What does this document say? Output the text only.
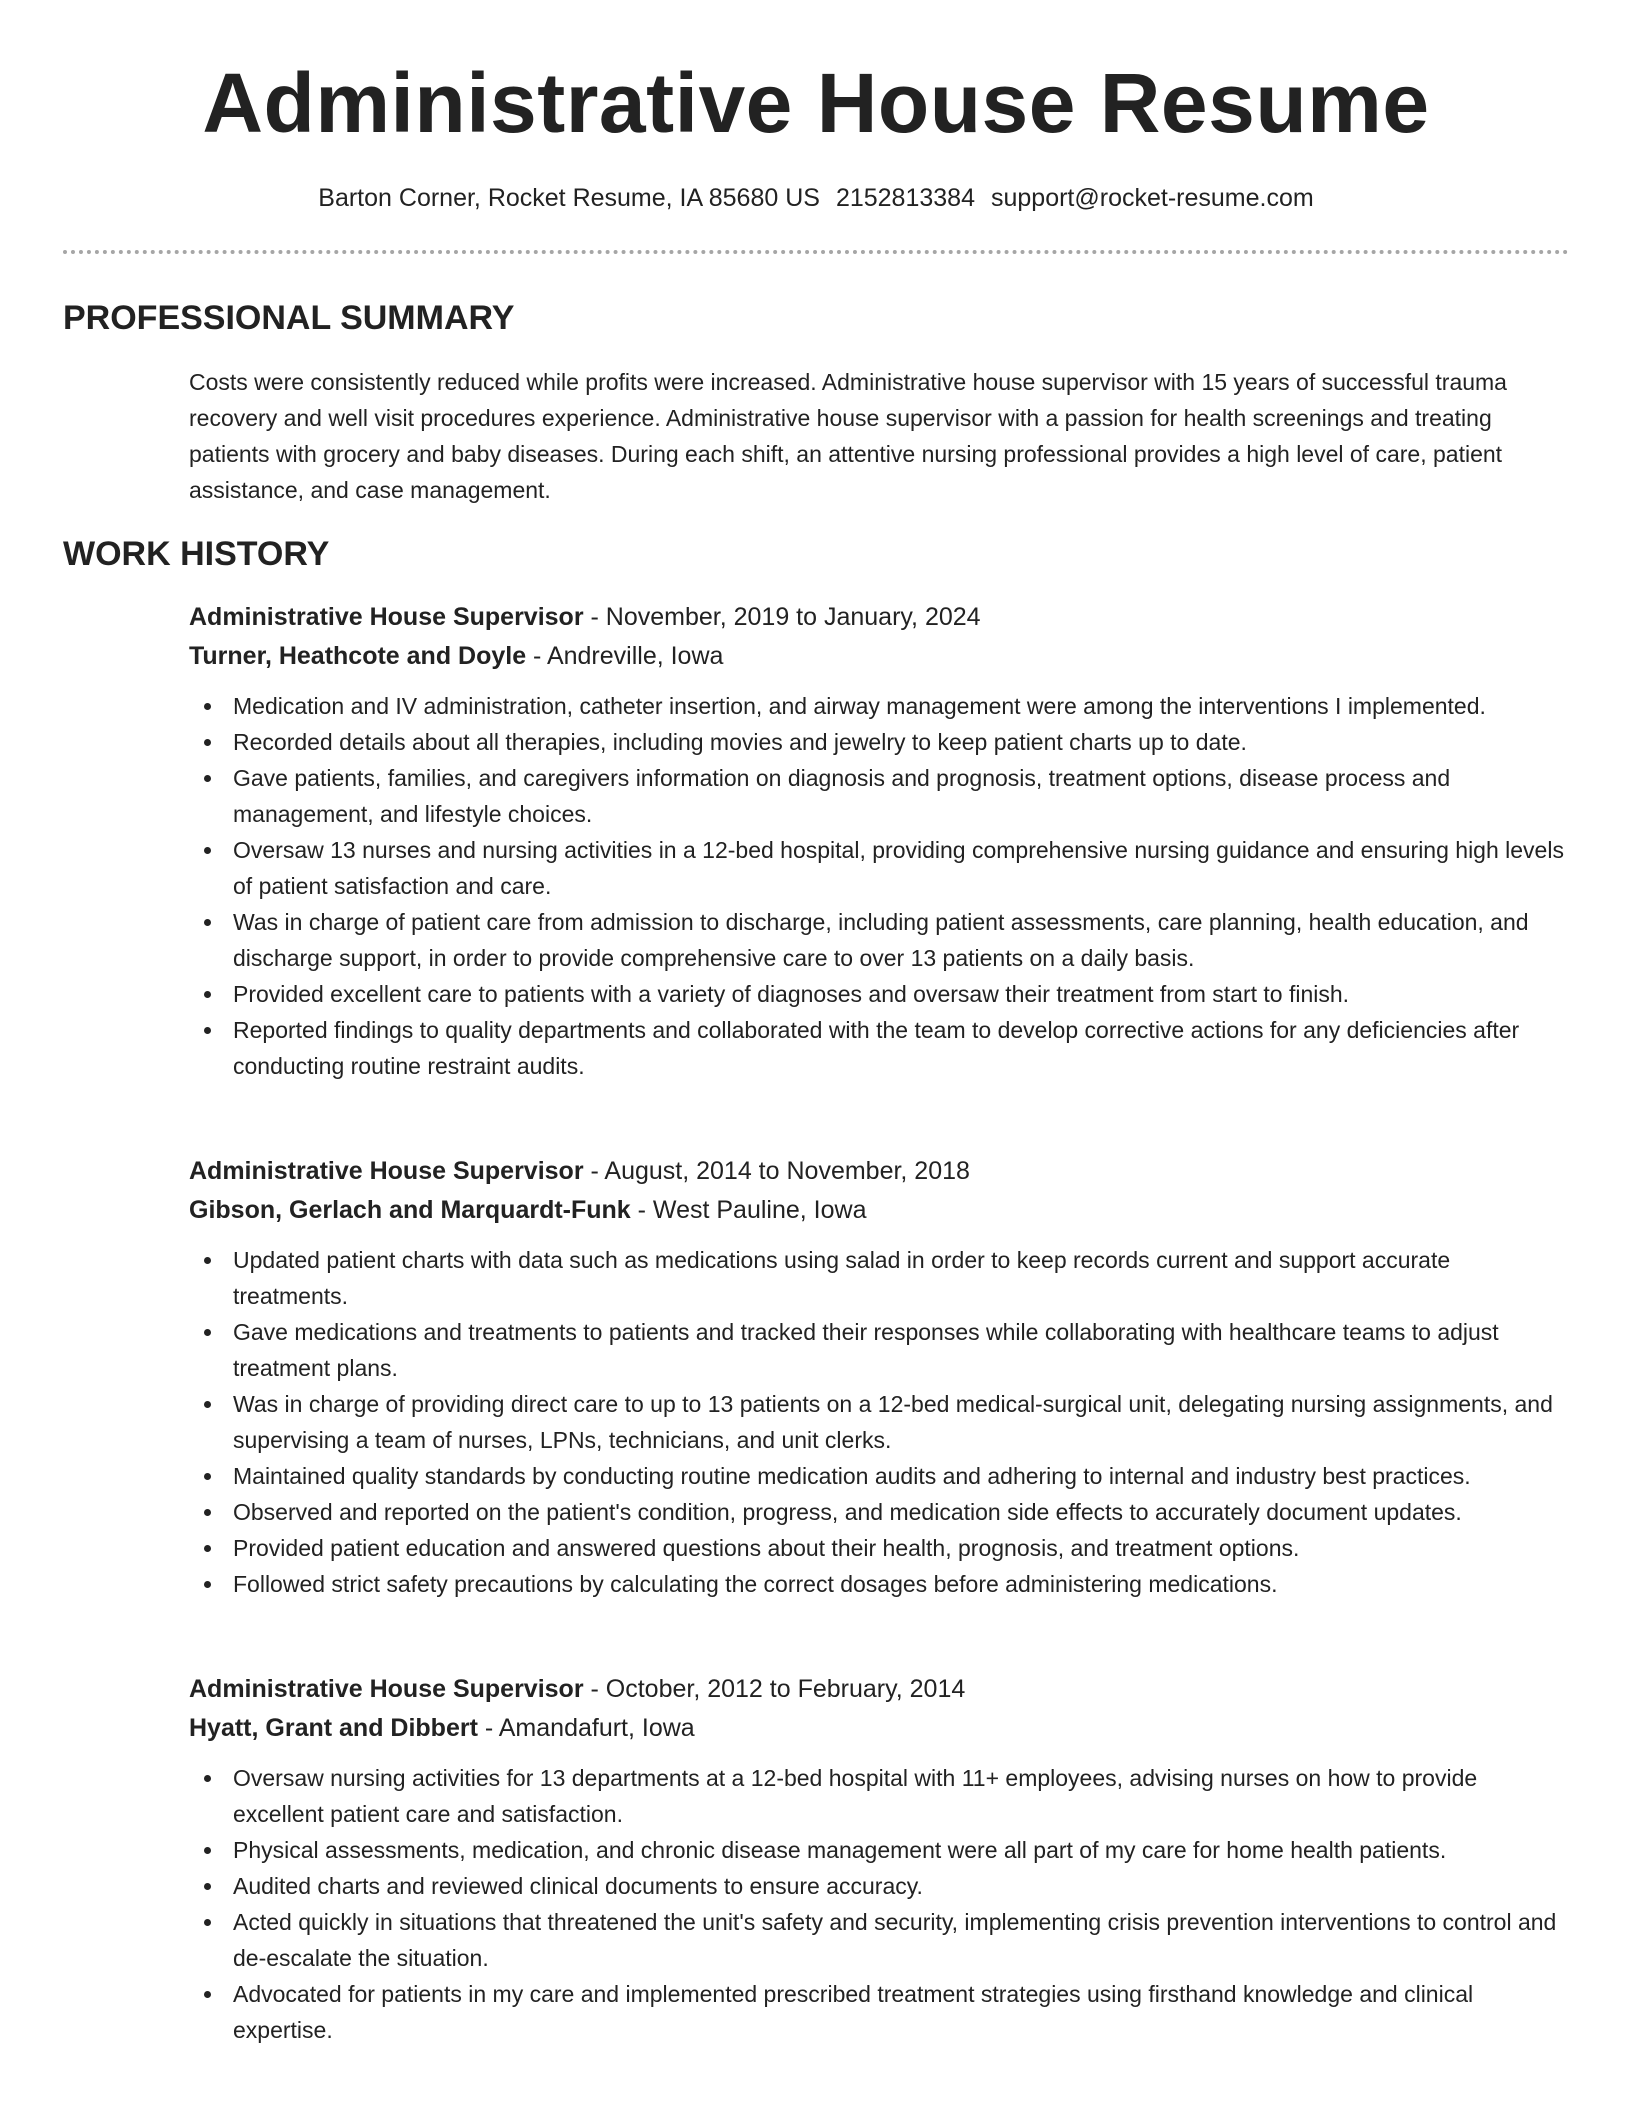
Administrative House Resume
Barton Corner, Rocket Resume, IA 85680 US 2152813384 support@rocket-resume.com
PROFESSIONAL SUMMARY

Costs were consistently reduced while profits were increased. Administrative house supervisor with 15 years of successful trauma recovery and well visit procedures experience. Administrative house supervisor with a passion for health screenings and treating patients with grocery and baby diseases. During each shift, an attentive nursing professional provides a high level of care, patient assistance, and case management.

WORK HISTORY
Administrative House Supervisor - November, 2019 to January, 2024
Turner, Heathcote and Doyle - Andreville, Iowa
Medication and IV administration, catheter insertion, and airway management were among the interventions I implemented.
Recorded details about all therapies, including movies and jewelry to keep patient charts up to date.
Gave patients, families, and caregivers information on diagnosis and prognosis, treatment options, disease process and management, and lifestyle choices.
Oversaw 13 nurses and nursing activities in a 12-bed hospital, providing comprehensive nursing guidance and ensuring high levels of patient satisfaction and care.
Was in charge of patient care from admission to discharge, including patient assessments, care planning, health education, and discharge support, in order to provide comprehensive care to over 13 patients on a daily basis.
Provided excellent care to patients with a variety of diagnoses and oversaw their treatment from start to finish.
Reported findings to quality departments and collaborated with the team to develop corrective actions for any deficiencies after conducting routine restraint audits.
Administrative House Supervisor - August, 2014 to November, 2018
Gibson, Gerlach and Marquardt-Funk - West Pauline, Iowa
Updated patient charts with data such as medications using salad in order to keep records current and support accurate treatments.
Gave medications and treatments to patients and tracked their responses while collaborating with healthcare teams to adjust treatment plans.
Was in charge of providing direct care to up to 13 patients on a 12-bed medical-surgical unit, delegating nursing assignments, and supervising a team of nurses, LPNs, technicians, and unit clerks.
Maintained quality standards by conducting routine medication audits and adhering to internal and industry best practices.
Observed and reported on the patient's condition, progress, and medication side effects to accurately document updates.
Provided patient education and answered questions about their health, prognosis, and treatment options.
Followed strict safety precautions by calculating the correct dosages before administering medications.
Administrative House Supervisor - October, 2012 to February, 2014
Hyatt, Grant and Dibbert - Amandafurt, Iowa
Oversaw nursing activities for 13 departments at a 12-bed hospital with 11+ employees, advising nurses on how to provide excellent patient care and satisfaction.
Physical assessments, medication, and chronic disease management were all part of my care for home health patients.
Audited charts and reviewed clinical documents to ensure accuracy.
Acted quickly in situations that threatened the unit's safety and security, implementing crisis prevention interventions to control and de-escalate the situation.
Advocated for patients in my care and implemented prescribed treatment strategies using firsthand knowledge and clinical expertise.
